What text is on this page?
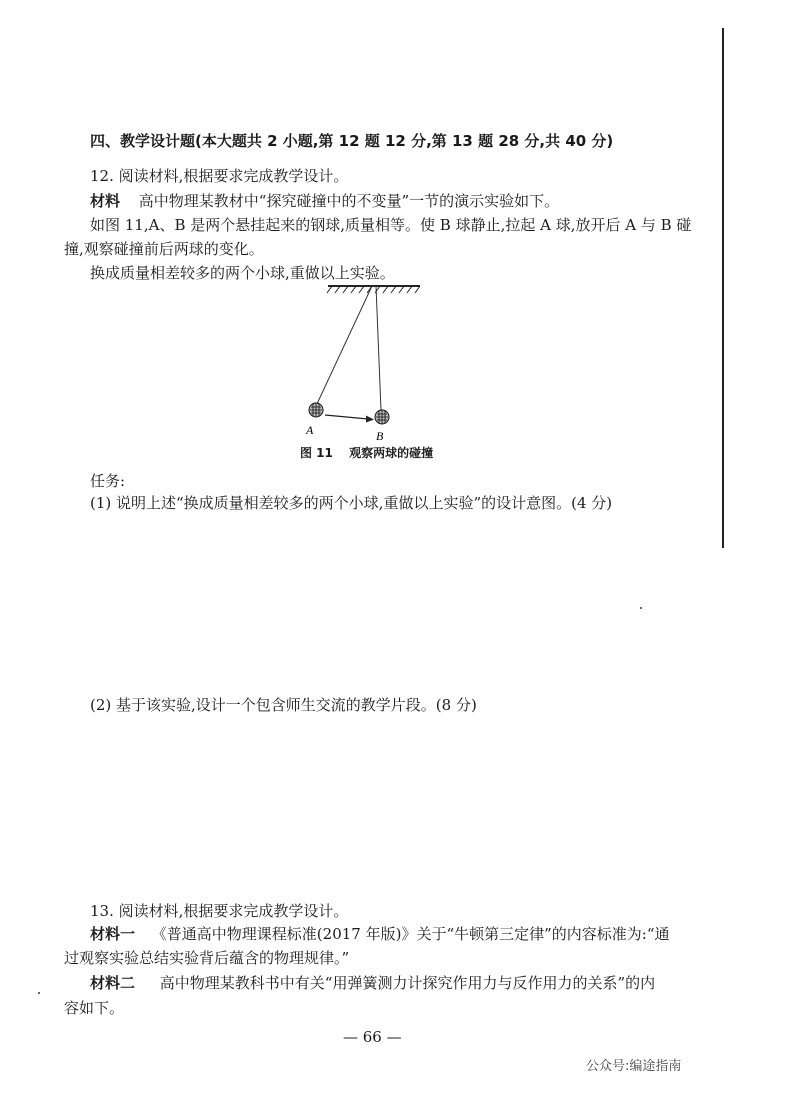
四、教学设计题(本大题共 2 小题,第 12 题 12 分,第 13 题 28 分,共 40 分)
12. 阅读材料,根据要求完成教学设计。
材料 高中物理某教材中“探究碰撞中的不变量”一节的演示实验如下。
如图 11,A、B 是两个悬挂起来的钢球,质量相等。使 B 球静止,拉起 A 球,放开后 A 与 B 碰
撞,观察碰撞前后两球的变化。
换成质量相差较多的两个小球,重做以上实验。
A	B
图 11 观察两球的碰撞
任务:
(1) 说明上述“换成质量相差较多的两个小球,重做以上实验”的设计意图。(4 分)
(2) 基于该实验,设计一个包含师生交流的教学片段。(8 分)
13. 阅读材料,根据要求完成教学设计。
材料一 《普通高中物理课程标准(2017 年版)》关于“牛顿第三定律”的内容标准为:“通
过观察实验总结实验背后蕴含的物理规律。”
材料二 高中物理某教科书中有关“用弹簧测力计探究作用力与反作用力的关系”的内
容如下。
— 66 —
公众号:编途指南
